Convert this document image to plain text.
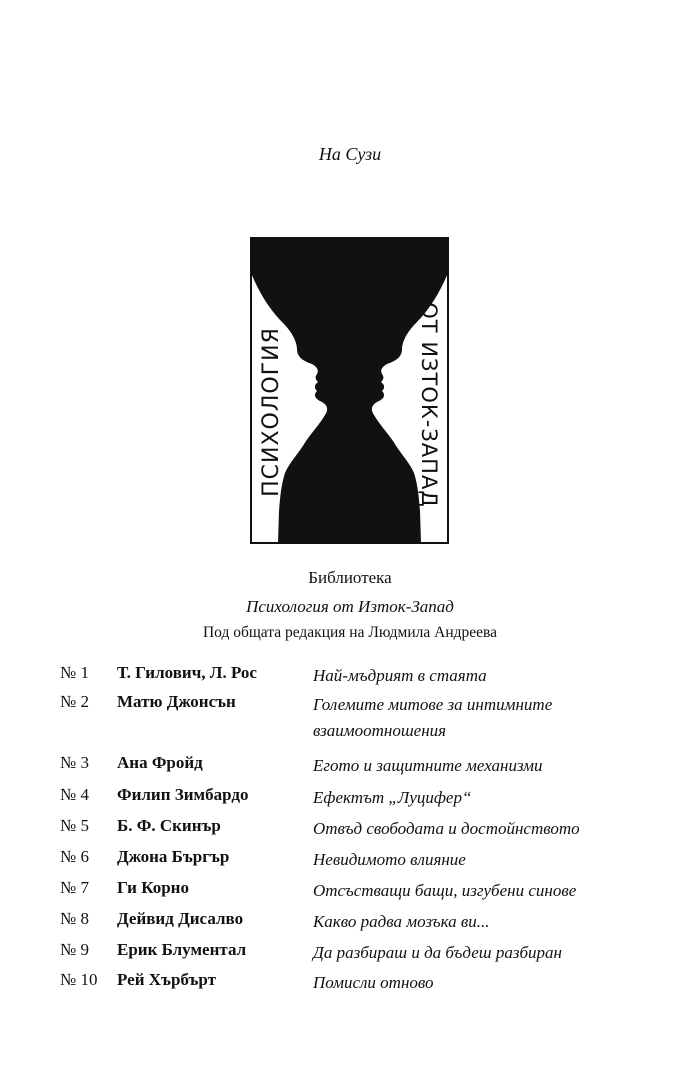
На Сузи
ПСИХОЛОГИЯ	ОТ ИЗТОК-ЗАПАД
Библиотека
Психология от Изток-Запад
Под общата редакция на Людмила Андреева
№ 1 Т. Гилович, Л. Рос	Най-мъдрият в стаята
№ 2 Матю Джонсън	Големите митове за интимните взаимоотношения
№ 3 Ана Фройд	Егото и защитните механизми
№ 4 Филип Зимбардо	Ефектът „Луцифер“
№ 5 Б. Ф. Скинър	Отвъд свободата и достойнството
№ 6 Джона Бъргър	Невидимото влияние
№ 7 Ги Корно	Отсъстващи бащи, изгубени синове
№ 8 Дейвид Дисалво	Какво радва мозъка ви...
№ 9 Ерик Блументал	Да разбираш и да бъдеш разбиран
№ 10 Рей Хърбърт	Помисли отново
